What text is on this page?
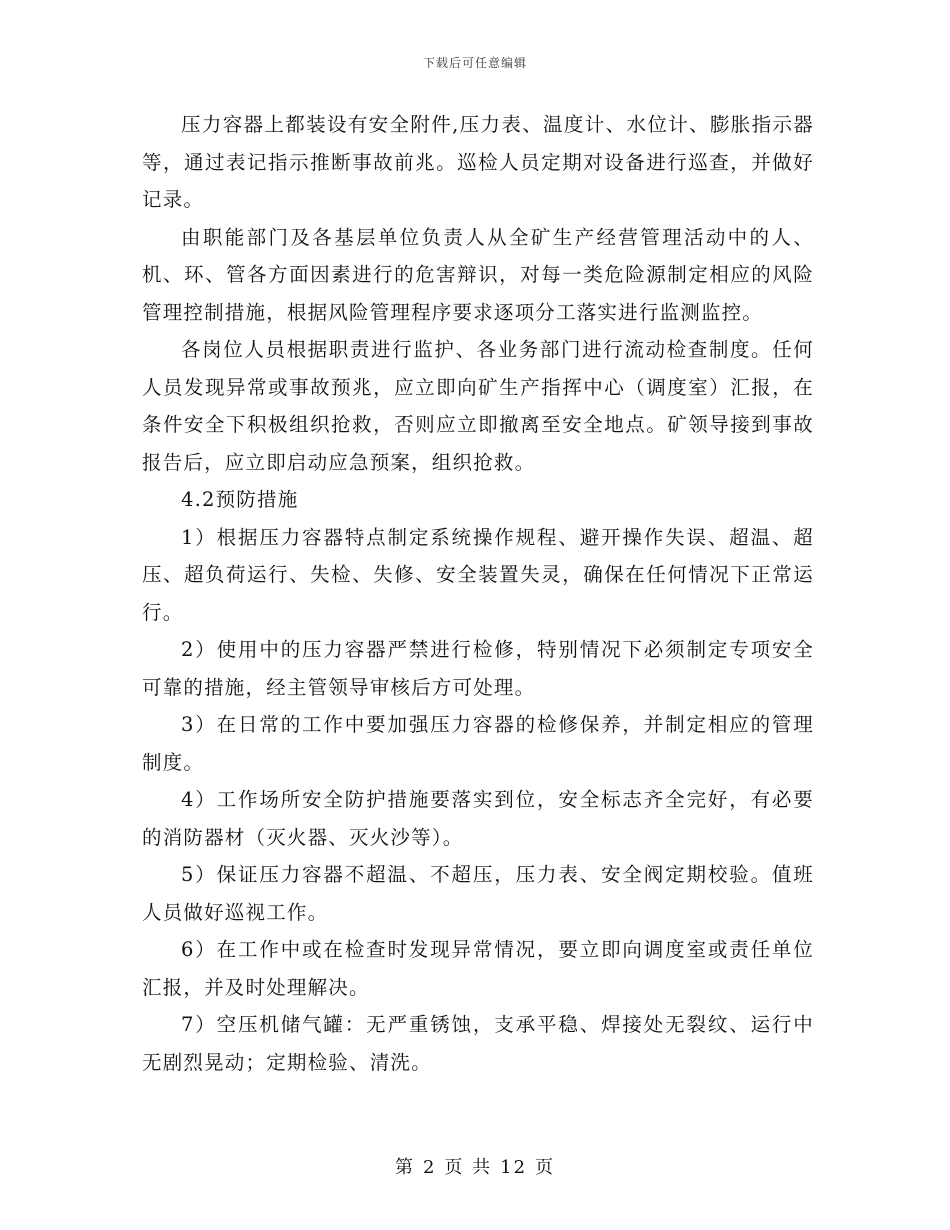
下载后可任意编辑

压力容器上都装设有安全附件,压力表、温度计、水位计、膨胀指示器等，通过表记指示推断事故前兆。巡检人员定期对设备进行巡查，并做好记录。

由职能部门及各基层单位负责人从全矿生产经营管理活动中的人、机、环、管各方面因素进行的危害辩识，对每一类危险源制定相应的风险管理控制措施，根据风险管理程序要求逐项分工落实进行监测监控。

各岗位人员根据职责进行监护、各业务部门进行流动检查制度。任何人员发现异常或事故预兆，应立即向矿生产指挥中心（调度室）汇报，在条件安全下积极组织抢救，否则应立即撤离至安全地点。矿领导接到事故报告后，应立即启动应急预案，组织抢救。

4.2预防措施

1）根据压力容器特点制定系统操作规程、避开操作失误、超温、超压、超负荷运行、失检、失修、安全装置失灵，确保在任何情况下正常运行。

2）使用中的压力容器严禁进行检修，特别情况下必须制定专项安全可靠的措施，经主管领导审核后方可处理。

3）在日常的工作中要加强压力容器的检修保养，并制定相应的管理制度。

4）工作场所安全防护措施要落实到位，安全标志齐全完好，有必要的消防器材（灭火器、灭火沙等）。

5）保证压力容器不超温、不超压，压力表、安全阀定期校验。值班人员做好巡视工作。

6）在工作中或在检查时发现异常情况，要立即向调度室或责任单位汇报，并及时处理解决。

7）空压机储气罐：无严重锈蚀，支承平稳、焊接处无裂纹、运行中无剧烈晃动；定期检验、清洗。

第 2 页 共 12 页
